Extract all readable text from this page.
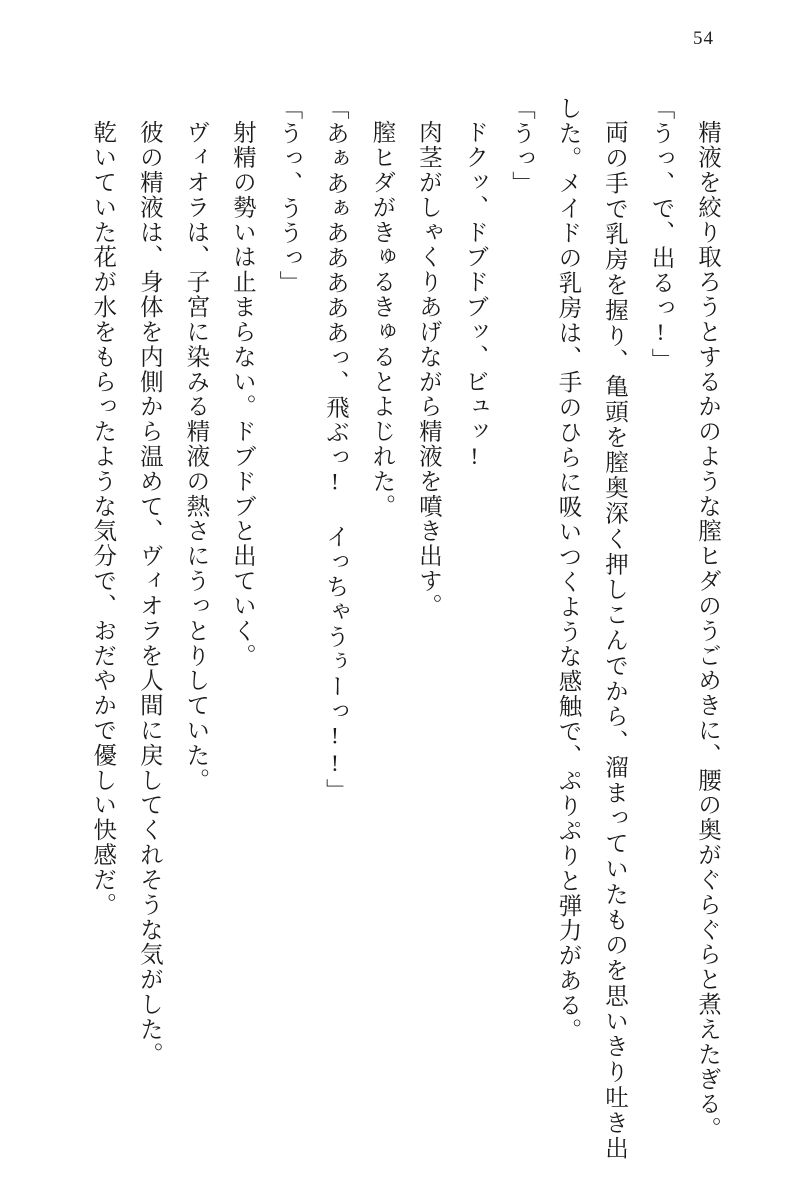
54

精液を絞り取ろうとするかのような膣ヒダのうごめきに、腰の奥がぐらぐらと煮えたぎる。

「うっ、で、出るっ!」

両の手で乳房を握り、亀頭を膣奥深く押しこんでから、溜まっていたものを思いきり吐き出した。メイドの乳房は、手のひらに吸いつくような感触で、ぷりぷりと弾力がある。

「うっ」

ドクッ、ドブドブッ、ビュッ!

肉茎がしゃくりあげながら精液を噴き出す。

膣ヒダがきゅるきゅるとよじれた。

「あぁあぁあああああっ、飛ぶっ! イっちゃうぅーっ!!」

「うっ、ううっ」

射精の勢いは止まらない。ドブドブと出ていく。

ヴィオラは、子宮に染みる精液の熱さにうっとりしていた。

彼の精液は、身体を内側から温めて、ヴィオラを人間に戻してくれそうな気がした。

乾いていた花が水をもらったような気分で、おだやかで優しい快感だ。
